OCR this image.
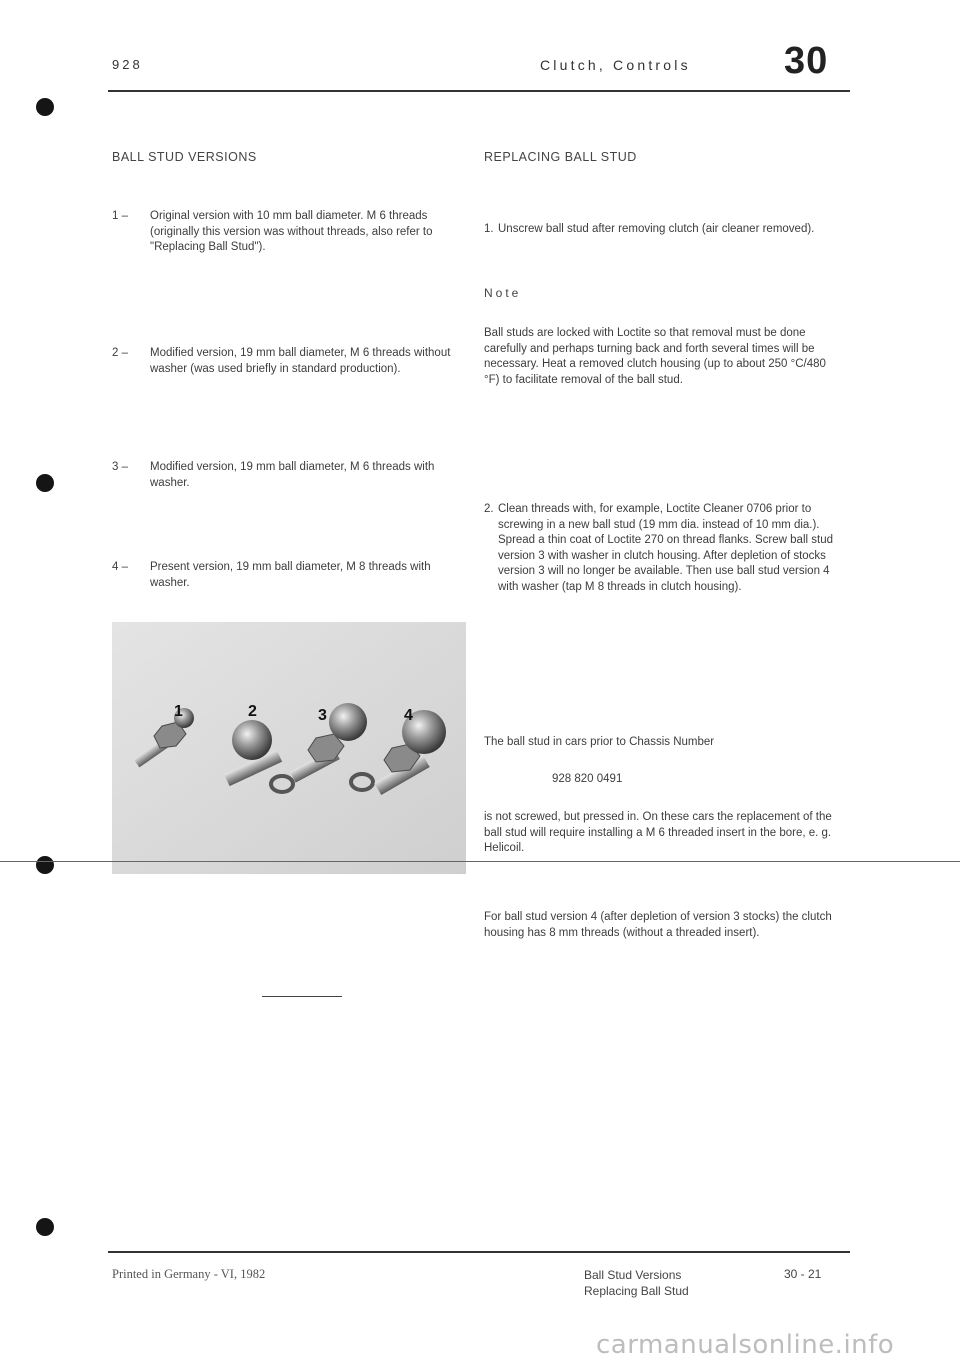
928	Clutch, Controls 30
BALL STUD VERSIONS
1 –	Original version with 10 mm ball diameter. M 6 threads (originally this version was without threads, also refer to "Replacing Ball Stud").
2 –	Modified version, 19 mm ball diameter, M 6 threads without washer (was used briefly in standard production).
3 –	Modified version, 19 mm ball diameter, M 6 threads with washer.
4 –	Present version, 19 mm ball diameter, M 8 threads with washer.
1	2	3	4
REPLACING BALL STUD
1. Unscrew ball stud after removing clutch (air cleaner removed).
Note
Ball studs are locked with Loctite so that removal must be done carefully and perhaps turning back and forth several times will be necessary. Heat a removed clutch housing (up to about 250 °C/480 °F) to facilitate removal of the ball stud.
2. Clean threads with, for example, Loctite Cleaner 0706 prior to screwing in a new ball stud (19 mm dia. instead of 10 mm dia.). Spread a thin coat of Loctite 270 on thread flanks. Screw ball stud version 3 with washer in clutch housing. After depletion of stocks version 3 will no longer be available. Then use ball stud version 4 with washer (tap M 8 threads in clutch housing).
The ball stud in cars prior to Chassis Number
928 820 0491
is not screwed, but pressed in. On these cars the replacement of the ball stud will require installing a M 6 threaded insert in the bore, e. g. Helicoil.
For ball stud version 4 (after depletion of version 3 stocks) the clutch housing has 8 mm threads (without a threaded insert).
Printed in Germany - VI, 1982	Ball Stud Versions
Replacing Ball Stud
30 - 21
carmanualsonline.info
